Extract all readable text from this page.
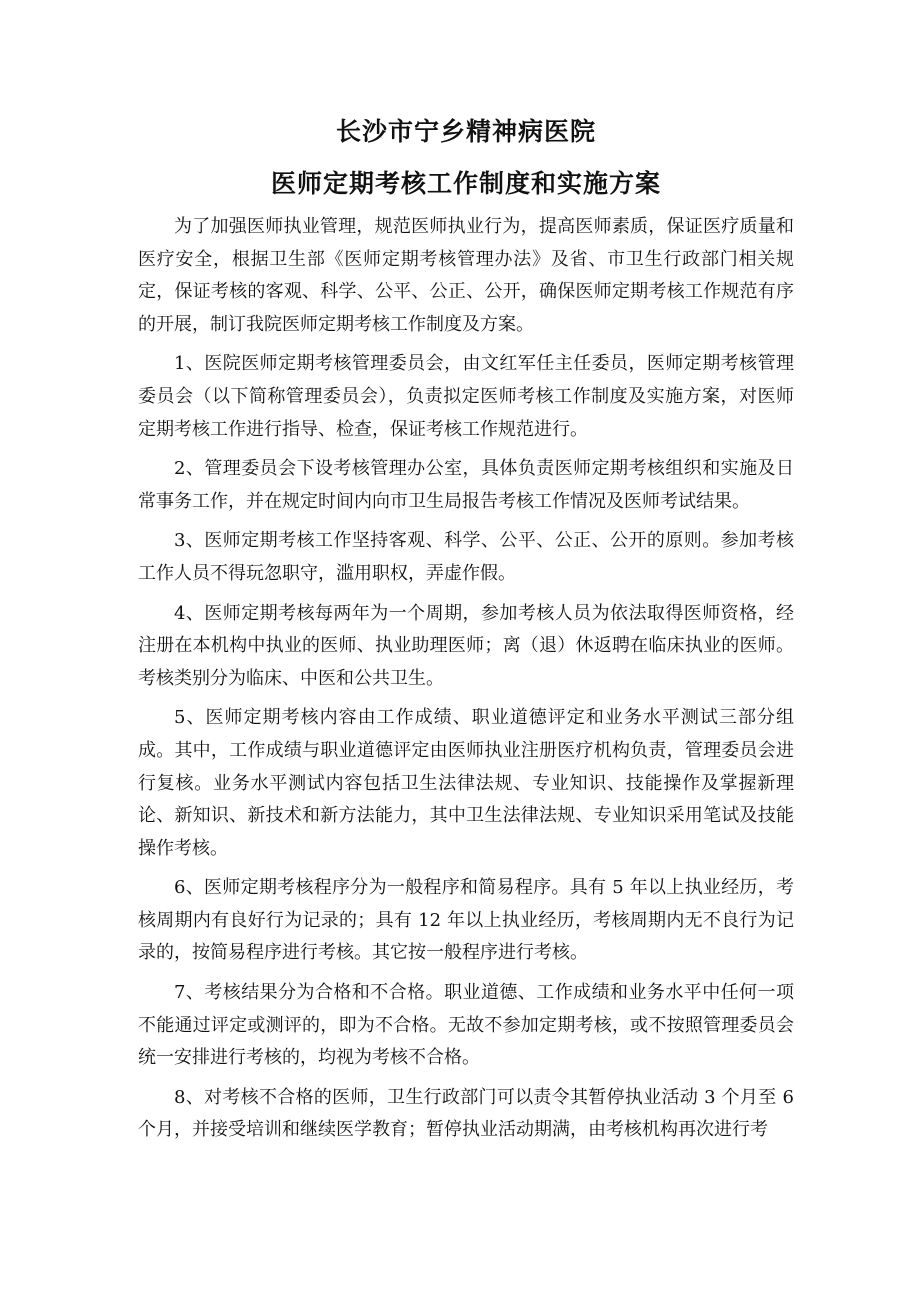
长沙市宁乡精神病医院
医师定期考核工作制度和实施方案

为了加强医师执业管理，规范医师执业行为，提高医师素质，保证医疗质量和医疗安全，根据卫生部《医师定期考核管理办法》及省、市卫生行政部门相关规定，保证考核的客观、科学、公平、公正、公开，确保医师定期考核工作规范有序的开展，制订我院医师定期考核工作制度及方案。

1、医院医师定期考核管理委员会，由文红军任主任委员，医师定期考核管理委员会（以下简称管理委员会），负责拟定医师考核工作制度及实施方案，对医师定期考核工作进行指导、检查，保证考核工作规范进行。

2、管理委员会下设考核管理办公室，具体负责医师定期考核组织和实施及日常事务工作，并在规定时间内向市卫生局报告考核工作情况及医师考试结果。

3、医师定期考核工作坚持客观、科学、公平、公正、公开的原则。参加考核工作人员不得玩忽职守，滥用职权，弄虚作假。

4、医师定期考核每两年为一个周期，参加考核人员为依法取得医师资格，经注册在本机构中执业的医师、执业助理医师；离（退）休返聘在临床执业的医师。考核类别分为临床、中医和公共卫生。

5、医师定期考核内容由工作成绩、职业道德评定和业务水平测试三部分组成。其中，工作成绩与职业道德评定由医师执业注册医疗机构负责，管理委员会进行复核。业务水平测试内容包括卫生法律法规、专业知识、技能操作及掌握新理论、新知识、新技术和新方法能力，其中卫生法律法规、专业知识采用笔试及技能操作考核。

6、医师定期考核程序分为一般程序和简易程序。具有 5 年以上执业经历，考核周期内有良好行为记录的；具有 12 年以上执业经历，考核周期内无不良行为记录的，按简易程序进行考核。其它按一般程序进行考核。

7、考核结果分为合格和不合格。职业道德、工作成绩和业务水平中任何一项不能通过评定或测评的，即为不合格。无故不参加定期考核，或不按照管理委员会统一安排进行考核的，均视为考核不合格。

8、对考核不合格的医师，卫生行政部门可以责令其暂停执业活动 3 个月至 6 个月，并接受培训和继续医学教育；暂停执业活动期满，由考核机构再次进行考
